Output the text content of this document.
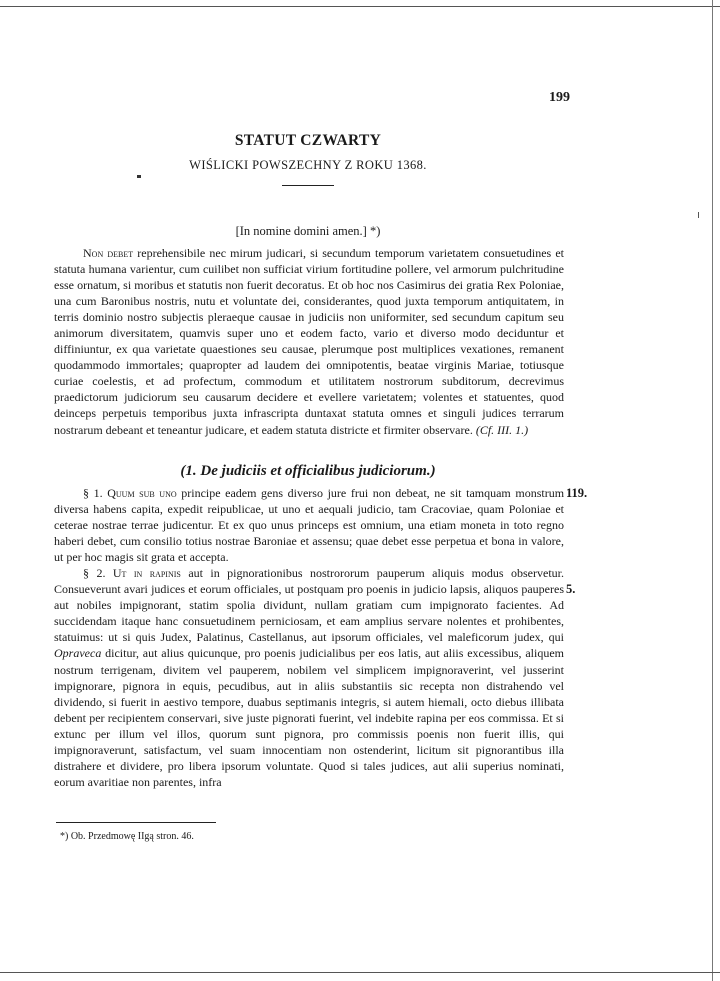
199
STATUT CZWARTY
WIŚLICKI POWSZECHNY Z ROKU 1368.
[In nomine domini amen.] *)

Non debet reprehensibile nec mirum judicari, si secundum temporum varietatem consuetudines et statuta humana varientur, cum cuilibet non sufficiat virium fortitudine pollere, vel armorum pulchritudine esse ornatum, si moribus et statutis non fuerit decoratus. Et ob hoc nos Casimirus dei gratia Rex Poloniae, una cum Baronibus nostris, nutu et voluntate dei, considerantes, quod juxta temporum antiquitatem, in terris dominio nostro subjectis pleraeque causae in judiciis non uniformiter, sed secundum capitum seu animorum diversitatem, quamvis super uno et eodem facto, vario et diverso modo deciduntur et diffiniuntur, ex qua varietate quaestiones seu causae, plerumque post multiplices vexationes, remanent quodammodo immortales; quapropter ad laudem dei omnipotentis, beatae virginis Mariae, totiusque curiae coelestis, et ad profectum, commodum et utilitatem nostrorum subditorum, decrevimus praedictorum judiciorum seu causarum decidere et evellere varietatem; volentes et statuentes, quod deinceps perpetuis temporibus juxta infrascripta duntaxat statuta omnes et singuli judices terrarum nostrarum debeant et teneantur judicare, et eadem statuta districte et firmiter observare. (Cf. III. 1.)

(1. De judiciis et officialibus judiciorum.)

§ 1. Quum sub uno principe eadem gens diverso jure frui non debeat, ne sit tamquam monstrum diversa habens capita, expedit reipublicae, ut uno et aequali judicio, tam Cracoviae, quam Poloniae et ceterae nostrae terrae judicentur. Et ex quo unus princeps est omnium, una etiam moneta in toto regno haberi debet, cum consilio totius nostrae Baroniae et assensu; quae debet esse perpetua et bona in valore, ut per hoc magis sit grata et accepta.

§ 2. Ut in rapinis aut in pignorationibus nostrororum pauperum aliquis modus observetur. Consueverunt avari judices et eorum officiales, ut postquam pro poenis in judicio lapsis, aliquos pauperes aut nobiles impignorant, statim spolia dividunt, nullam gratiam cum impignorato facientes. Ad succidendam itaque hanc consuetudinem perniciosam, et eam amplius servare nolentes et prohibentes, statuimus: ut si quis Judex, Palatinus, Castellanus, aut ipsorum officiales, vel maleficorum judex, qui Opraveca dicitur, aut alius quicunque, pro poenis judicialibus per eos latis, aut aliis excessibus, aliquem nostrum terrigenam, divitem vel pauperem, nobilem vel simplicem impignoraverint, vel jusserint impignorare, pignora in equis, pecudibus, aut in aliis substantiis sic recepta non distrahendo vel dividendo, si fuerit in aestivo tempore, duabus septimanis integris, si autem hiemali, octo diebus illibata debent per recipientem conservari, sive juste pignorati fuerint, vel indebite rapina per eos commissa. Et si extunc per illum vel illos, quorum sunt pignora, pro commissis poenis non fuerit illis, qui impignoraverunt, satisfactum, vel suam innocentiam non ostenderint, licitum sit pignorantibus illa distrahere et dividere, pro libera ipsorum voluntate. Quod si tales judices, aut alii superius nominati, eorum avaritiae non parentes, infra

119.
5.
*) Ob. Przedmowę IIgą stron. 46.
